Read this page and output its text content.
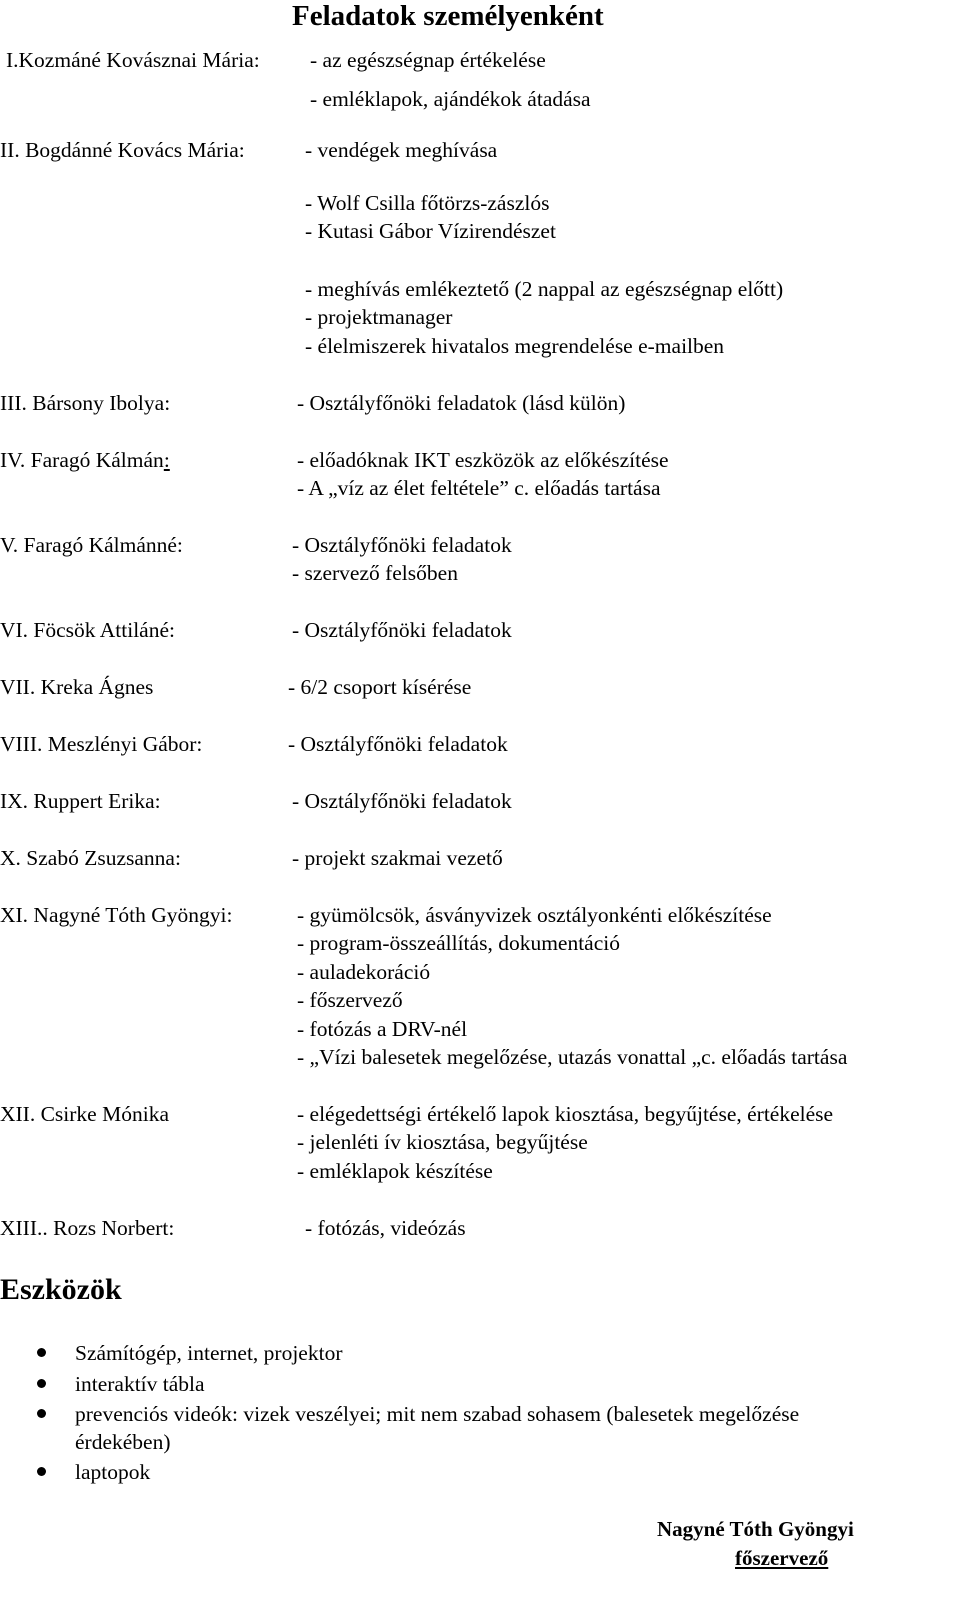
Feladatok személyenként
I.Kozmáné Kovásznai Mária: - az egészségnap értékelése
- emléklapok, ajándékok átadása
II. Bogdánné Kovács Mária:	- vendégek meghívása
- Wolf Csilla főtörzs-zászlós
- Kutasi Gábor Vízirendészet
- meghívás emlékeztető (2 nappal az egészségnap előtt)
- projektmanager
- élelmiszerek hivatalos megrendelése e-mailben
III. Bársony Ibolya:	- Osztályfőnöki feladatok (lásd külön)
IV. Faragó Kálmán:	- előadóknak IKT eszközök az előkészítése
- A „víz az élet feltétele” c. előadás tartása
V. Faragó Kálmánné:	- Osztályfőnöki feladatok
- szervező felsőben
VI. Föcsök Attiláné:	- Osztályfőnöki feladatok
VII. Kreka Ágnes	- 6/2 csoport kísérése
VIII. Meszlényi Gábor:	- Osztályfőnöki feladatok
IX. Ruppert Erika:	- Osztályfőnöki feladatok
X. Szabó Zsuzsanna:	- projekt szakmai vezető
XI. Nagyné Tóth Gyöngyi:	- gyümölcsök, ásványvizek osztályonkénti előkészítése
- program-összeállítás, dokumentáció
- auladekoráció
- főszervező
- fotózás a DRV-nél
- „Vízi balesetek megelőzése, utazás vonattal „c. előadás tartása
XII. Csirke Mónika	- elégedettségi értékelő lapok kiosztása, begyűjtése, értékelése
- jelenléti ív kiosztása, begyűjtése
- emléklapok készítése
XIII.. Rozs Norbert:	- fotózás, videózás
Eszközök
Számítógép, internet, projektor
interaktív tábla
prevenciós videók: vizek veszélyei; mit nem szabad sohasem (balesetek megelőzése
érdekében)
laptopok
Nagyné Tóth Gyöngyi
főszervező
